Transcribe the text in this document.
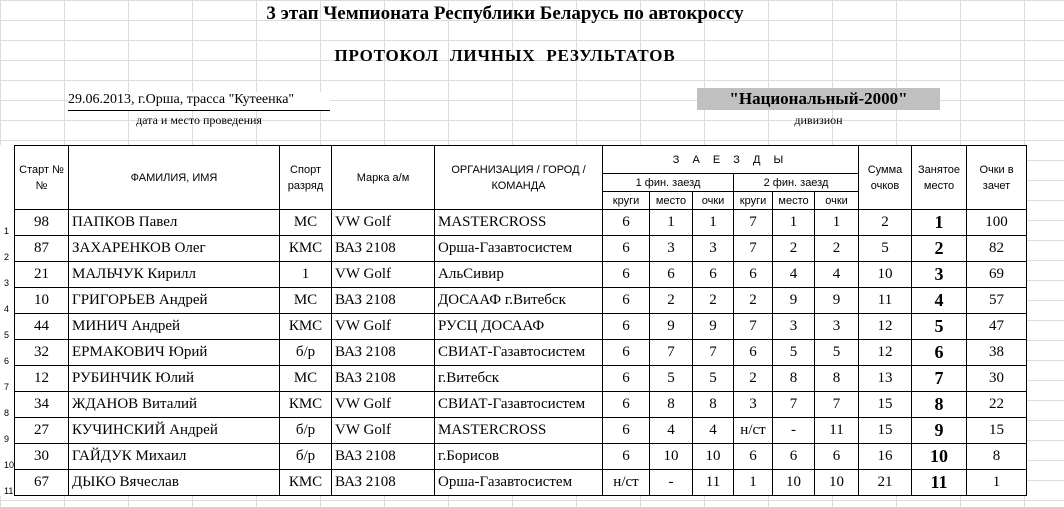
3 этап Чемпионата Республики Беларусь по автокроссу
ПРОТОКОЛ ЛИЧНЫХ РЕЗУЛЬТАТОВ
29.06.2013, г.Орша, трасса "Кутеенка"
дата и место проведения
"Национальный-2000"
дивизион
	Старт №№	ФАМИЛИЯ, ИМЯ	Спорт разряд	Марка а/м	ОРГАНИЗАЦИЯ / ГОРОД / КОМАНДА	З А Е З Д Ы						Сумма очков	Занятое место	Очки в зачет
						1 фин. заезд			2 фин. заезд					
						круги	место	очки	круги	место	очки			
1	98	ПАПКОВ Павел	МС	VW Golf	MASTERCROSS	6	1	1	7	1	1	2	1	100
2	87	ЗАХАРЕНКОВ Олег	КМС	ВАЗ 2108	Орша-Газавтосистем	6	3	3	7	2	2	5	2	82
3	21	МАЛЬЧУК Кирилл	1	VW Golf	АльСивир	6	6	6	6	4	4	10	3	69
4	10	ГРИГОРЬЕВ Андрей	МС	ВАЗ 2108	ДОСААФ г.Витебск	6	2	2	2	9	9	11	4	57
5	44	МИНИЧ Андрей	КМС	VW Golf	РУСЦ ДОСААФ	6	9	9	7	3	3	12	5	47
6	32	ЕРМАКОВИЧ Юрий	б/р	ВАЗ 2108	СВИАТ-Газавтосистем	6	7	7	6	5	5	12	6	38
7	12	РУБИНЧИК Юлий	МС	ВАЗ 2108	г.Витебск	6	5	5	2	8	8	13	7	30
8	34	ЖДАНОВ Виталий	КМС	VW Golf	СВИАТ-Газавтосистем	6	8	8	3	7	7	15	8	22
9	27	КУЧИНСКИЙ Андрей	б/р	VW Golf	MASTERCROSS	6	4	4	н/ст	-	11	15	9	15
10	30	ГАЙДУК Михаил	б/р	ВАЗ 2108	г.Борисов	6	10	10	6	6	6	16	10	8
11	67	ДЫКО Вячеслав	КМС	ВАЗ 2108	Орша-Газавтосистем	н/ст	-	11	1	10	10	21	11	1
